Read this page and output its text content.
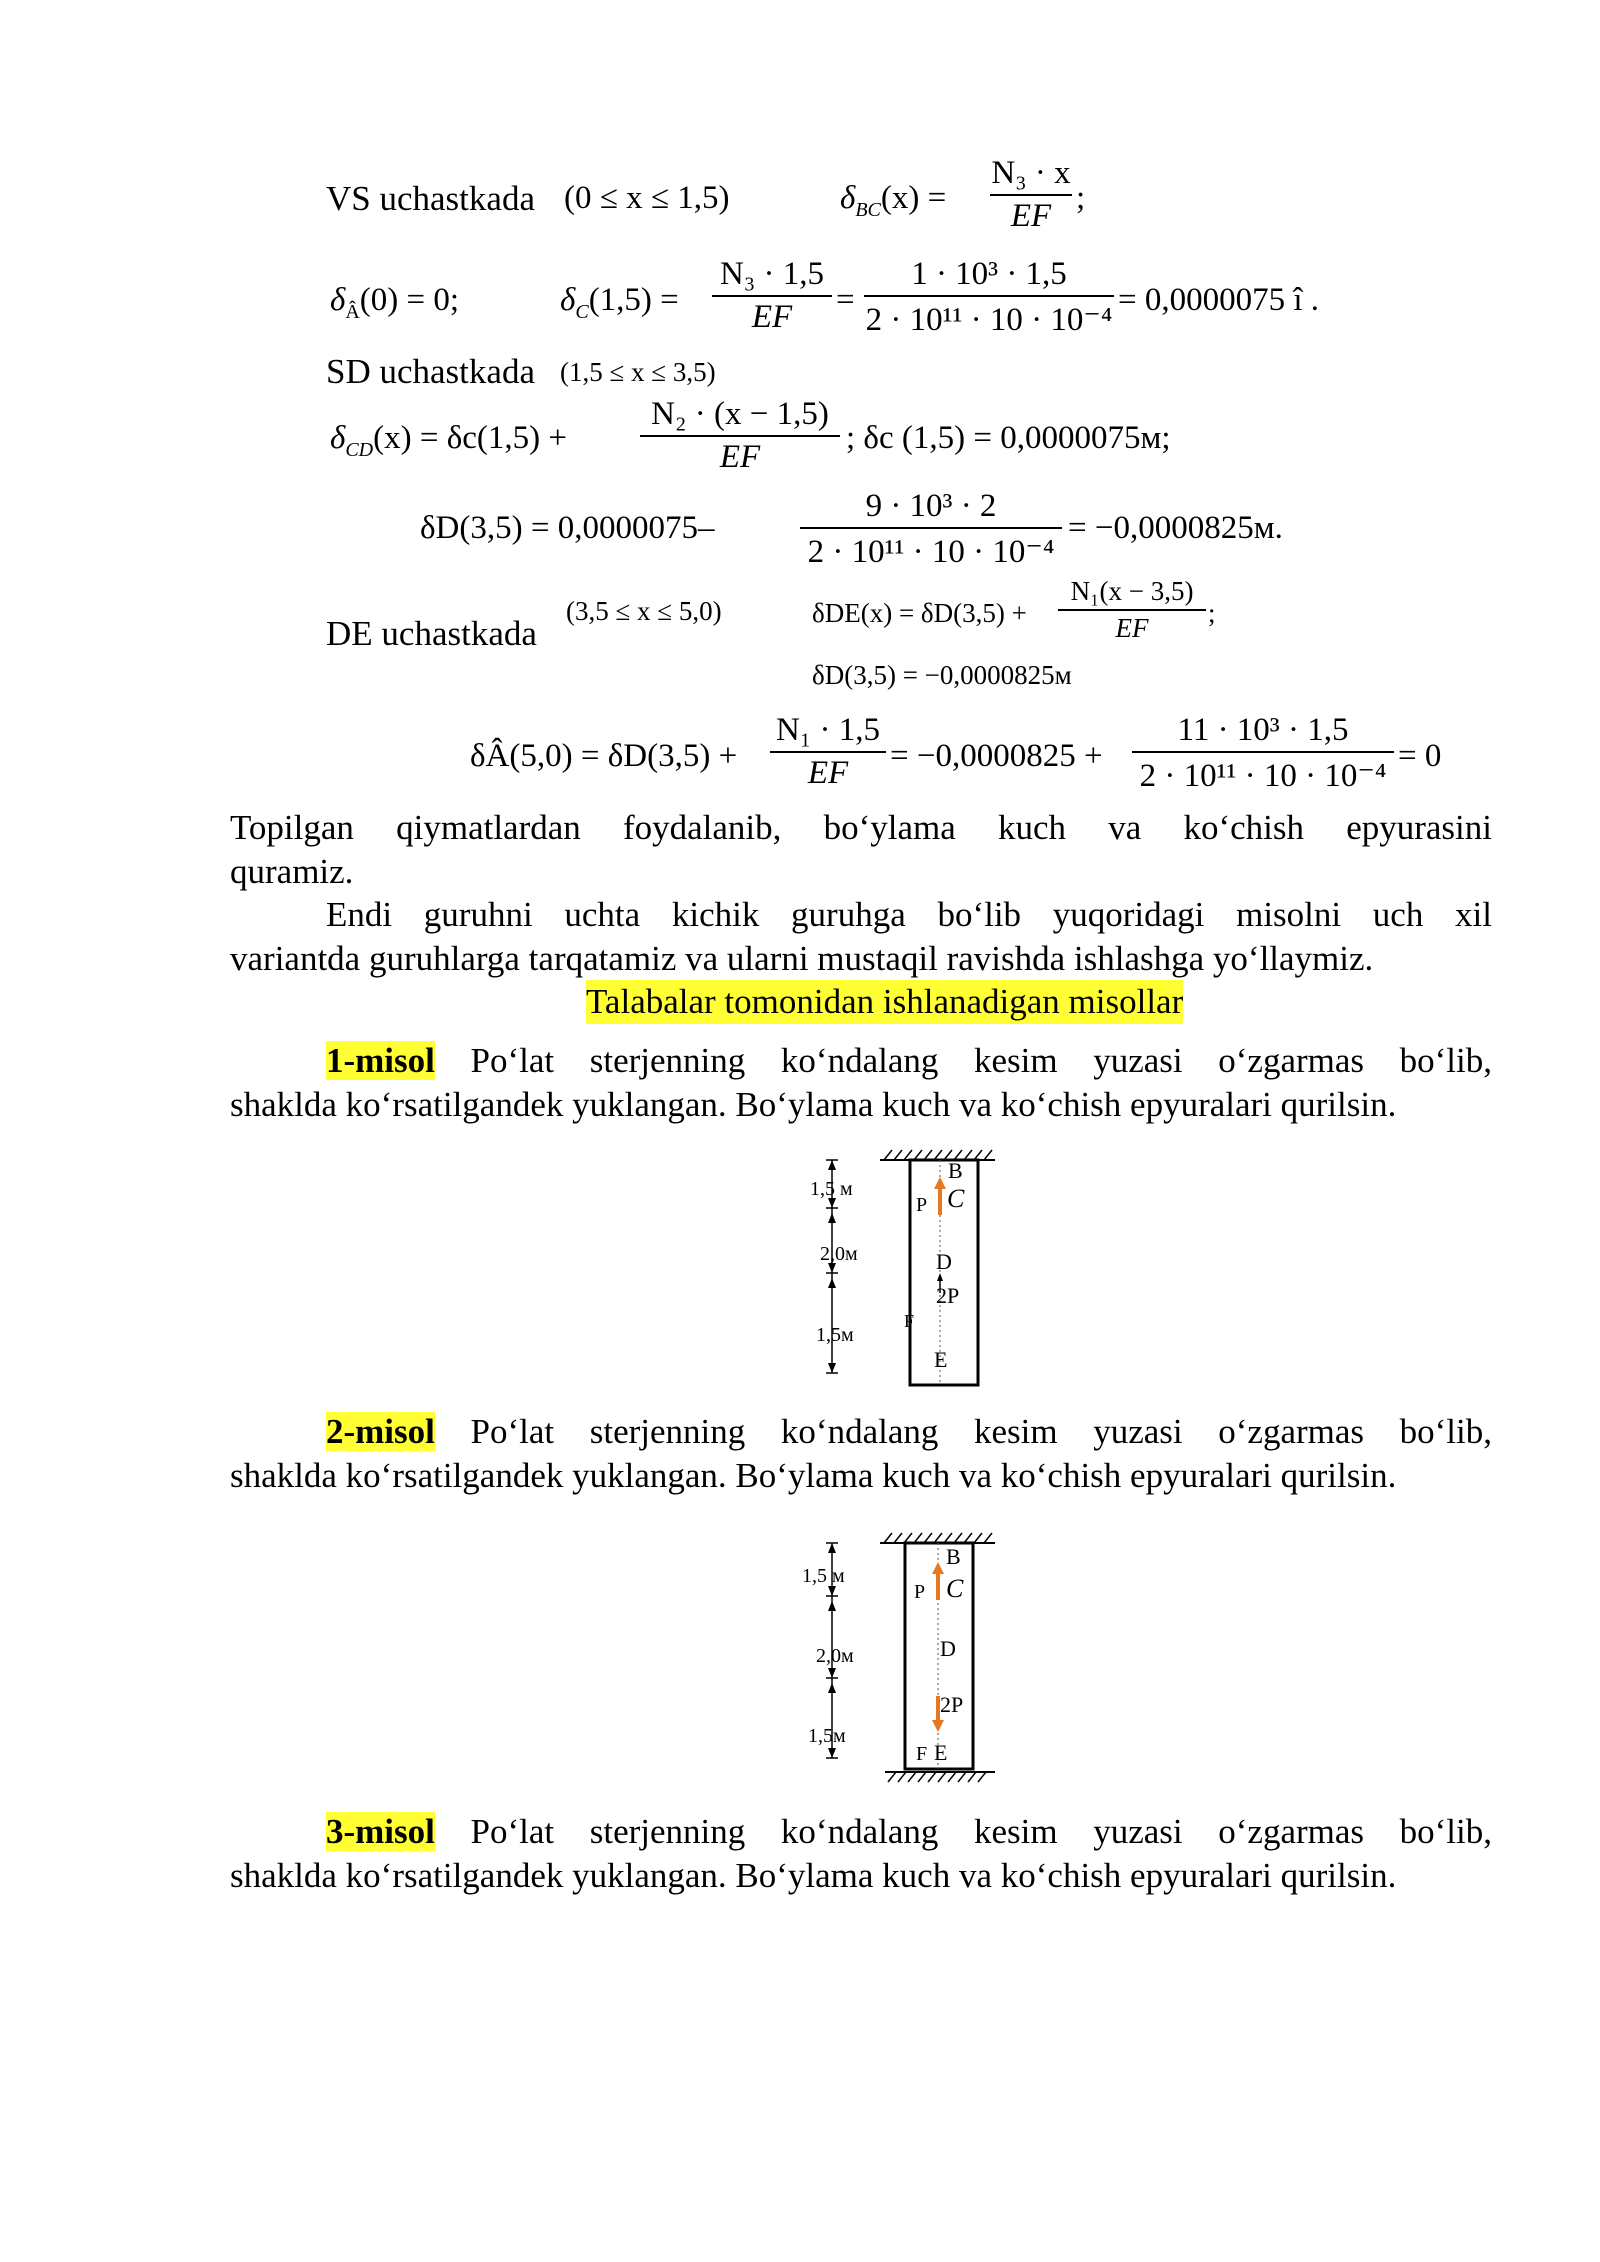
VS uchastkada (0 ≤ x ≤ 1,5)	$\delta_{BC}(x)$ =
N₃ · x
EF ;
$\delta_Â(0) = 0$;	$\delta_C(1,5)$ =
N₃ · 1,5
EF	=
1 · 10³ · 1,5
2 · 10¹¹ · 10 · 10⁻⁴
= 0,0000075 î .
SD uchastkada (1,5 ≤ x ≤ 3,5)
$\delta_{CD}(x) = \delta c(1,5)$ +
N₂ · (x − 1,5)
EF
; δc (1,5) = 0,0000075м;
δD(3,5) = 0,0000075–
9 · 10³ · 2
2 · 10¹¹ · 10 · 10⁻⁴
= −0,0000825м.
DE uchastkada
(3,5 ≤ x ≤ 5,0)	δDE(x) = δD(3,5) +
N₁(x − 3,5)
EF	;
δD(3,5) = −0,0000825м
δÂ(5,0) = δD(3,5) +
N₁ · 1,5
EF	= −0,0000825 +
11 · 10³ · 1,5
2 · 10¹¹ · 10 · 10⁻⁴
= 0
Topilgan qiymatlardan foydalanib, bo‘ylama kuch va ko‘chish epyurasini
quramiz.
Endi guruhni uchta kichik guruhga bo‘lib yuqoridagi misolni uch xil
variantda guruhlarga tarqatamiz va ularni mustaqil ravishda ishlashga yo‘llaymiz.
Talabalar tomonidan ishlanadigan misollar
1-misol Po‘lat sterjenning ko‘ndalang kesim yuzasi o‘zgarmas bo‘lib,
shaklda ko‘rsatilgandek yuklangan. Bo‘ylama kuch va ko‘chish epyuralari qurilsin.
1,5 м
2,0м
1,5м
B
C
P
D
2P
F
E
2-misol Po‘lat sterjenning ko‘ndalang kesim yuzasi o‘zgarmas bo‘lib,
shaklda ko‘rsatilgandek yuklangan. Bo‘ylama kuch va ko‘chish epyuralari qurilsin.
1,5 м
2,0м
1,5м
B
C
P
D
2P
F E
3-misol Po‘lat sterjenning ko‘ndalang kesim yuzasi o‘zgarmas bo‘lib,
shaklda ko‘rsatilgandek yuklangan. Bo‘ylama kuch va ko‘chish epyuralari qurilsin.
